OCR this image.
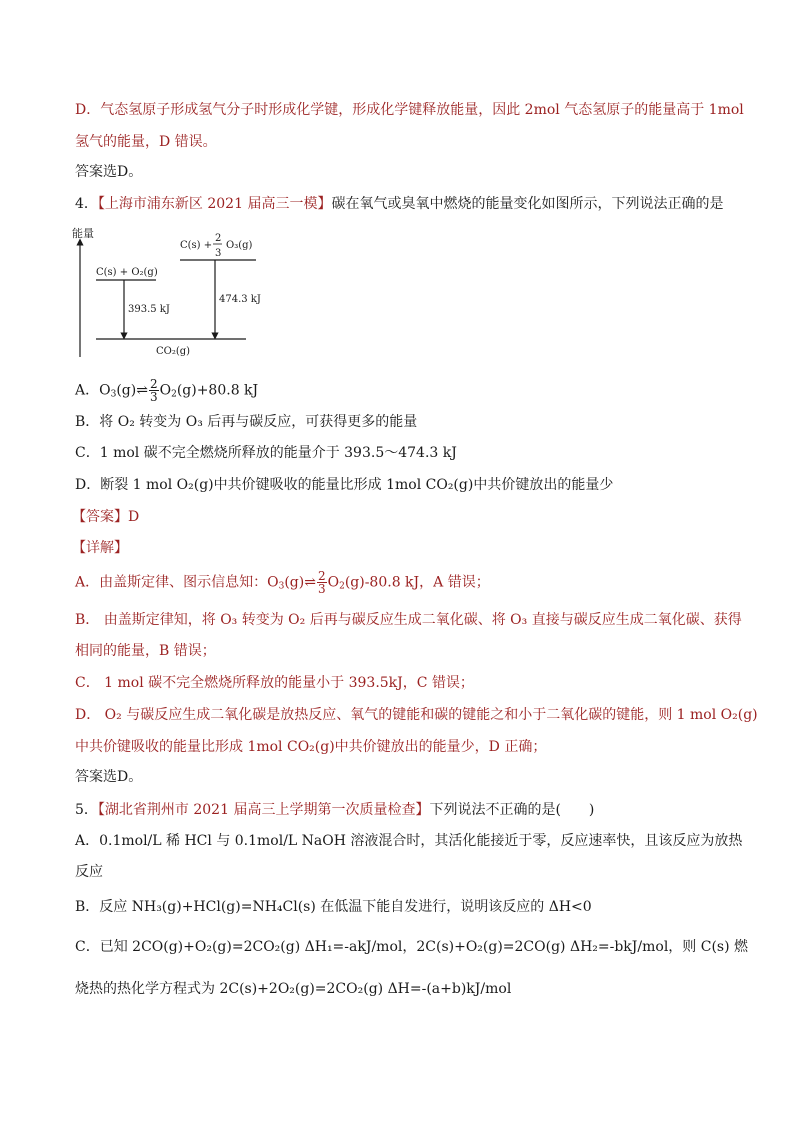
D．气态氢原子形成氢气分子时形成化学键，形成化学键释放能量，因此 2mol 气态氢原子的能量高于 1mol
氢气的能量，D 错误。
答案选D。
4．【上海市浦东新区 2021 届高三一模】碳在氧气或臭氧中燃烧的能量变化如图所示，下列说法正确的是
能量
C(s) +
2
3
O₃(g)
C(s) + O₂(g)
393.5 kJ
474.3 kJ
CO₂(g)
A．$O_3(g)\rightleftharpoons \frac{2}{3} O_2(g)+80.8$ kJ
B．将 O₂ 转变为 O₃ 后再与碳反应，可获得更多的能量
C．1 mol 碳不完全燃烧所释放的能量介于 393.5～474.3 kJ
D．断裂 1 mol O₂(g)中共价键吸收的能量比形成 1mol CO₂(g)中共价键放出的能量少
【答案】D
【详解】
A．由盖斯定律、图示信息知：$O_3(g)\rightleftharpoons \frac{2}{3} O_2(g)-80.8$ kJ，A 错误；
B． 由盖斯定律知，将 O₃ 转变为 O₂ 后再与碳反应生成二氧化碳、将 O₃ 直接与碳反应生成二氧化碳、获得
相同的能量，B 错误；
C． 1 mol 碳不完全燃烧所释放的能量小于 393.5kJ，C 错误；
D． O₂ 与碳反应生成二氧化碳是放热反应、氧气的键能和碳的键能之和小于二氧化碳的键能，则 1 mol O₂(g)
中共价键吸收的能量比形成 1mol CO₂(g)中共价键放出的能量少，D 正确；
答案选D。
5．【湖北省荆州市 2021 届高三上学期第一次质量检查】下列说法不正确的是(　　)
A．0.1mol/L 稀 HCl 与 0.1mol/L NaOH 溶液混合时，其活化能接近于零，反应速率快，且该反应为放热
反应
B．反应 NH₃(g)+HCl(g)=NH₄Cl(s) 在低温下能自发进行，说明该反应的 ΔH<0
C．已知 2CO(g)+O₂(g)=2CO₂(g) ΔH₁=-akJ/mol，2C(s)+O₂(g)=2CO(g) ΔH₂=-bkJ/mol，则 C(s) 燃
烧热的热化学方程式为 2C(s)+2O₂(g)=2CO₂(g) ΔH=-(a+b)kJ/mol
